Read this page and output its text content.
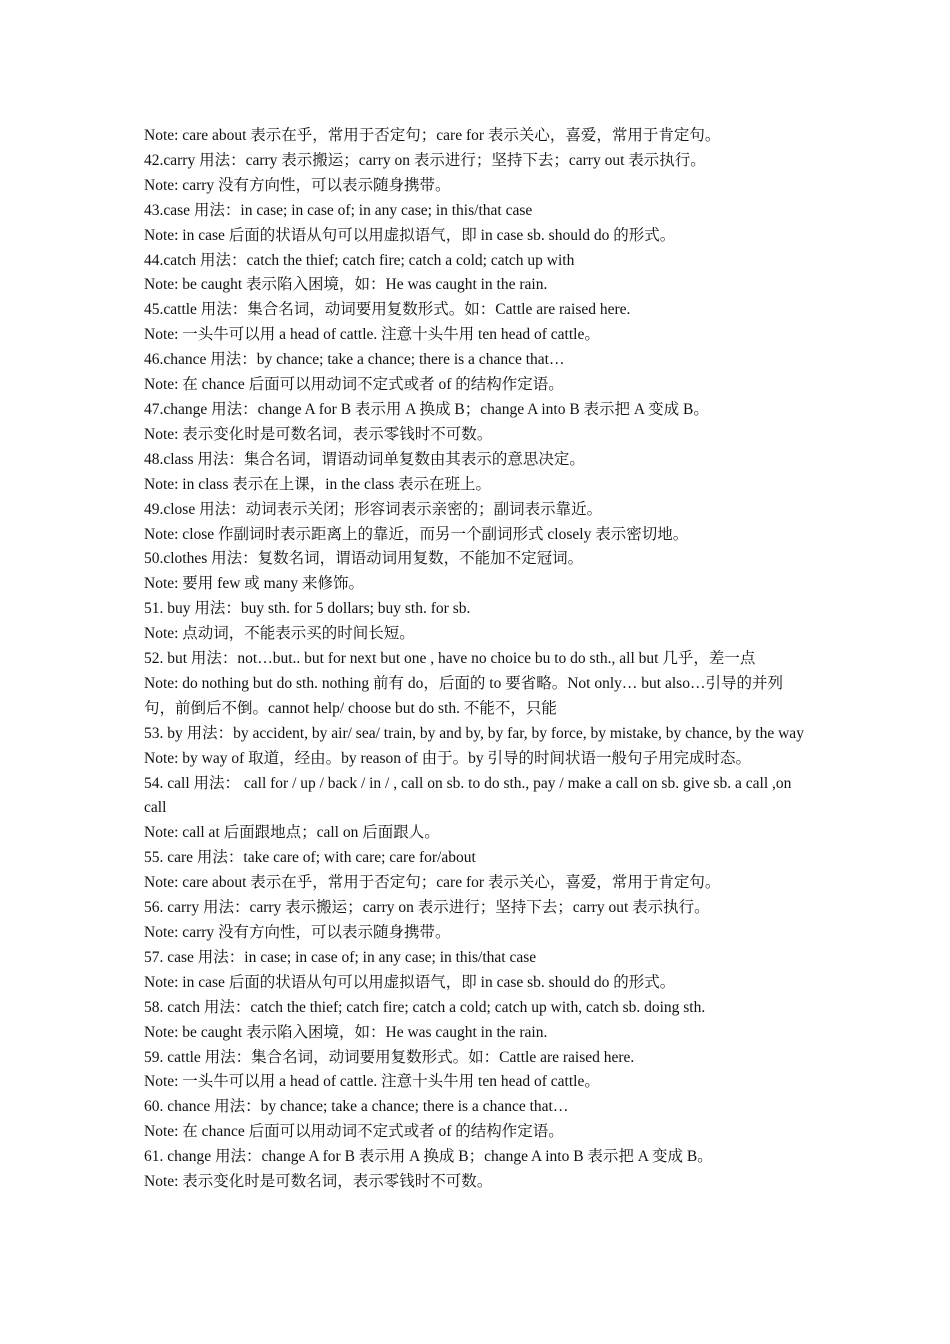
Note: care about 表示在乎，常用于否定句；care for 表示关心，喜爱，常用于肯定句。
42.carry 用法：carry 表示搬运；carry on 表示进行；坚持下去；carry out 表示执行。
Note: carry 没有方向性，可以表示随身携带。
43.case 用法：in case; in case of; in any case; in this/that case
Note: in case 后面的状语从句可以用虚拟语气，即 in case sb. should do 的形式。
44.catch 用法：catch the thief; catch fire; catch a cold; catch up with
Note: be caught 表示陷入困境，如：He was caught in the rain.
45.cattle 用法：集合名词，动词要用复数形式。如：Cattle are raised here.
Note: 一头牛可以用 a head of cattle. 注意十头牛用 ten head of cattle。
46.chance 用法：by chance; take a chance; there is a chance that…
Note: 在 chance 后面可以用动词不定式或者 of 的结构作定语。
47.change 用法：change A for B 表示用 A 换成 B；change A into B 表示把 A 变成 B。
Note: 表示变化时是可数名词，表示零钱时不可数。
48.class 用法：集合名词，谓语动词单复数由其表示的意思决定。
Note: in class 表示在上课，in the class 表示在班上。
49.close 用法：动词表示关闭；形容词表示亲密的；副词表示靠近。
Note: close 作副词时表示距离上的靠近，而另一个副词形式 closely 表示密切地。
50.clothes 用法：复数名词，谓语动词用复数，不能加不定冠词。
Note: 要用 few 或 many 来修饰。
51. buy 用法：buy sth. for 5 dollars; buy sth. for sb.
Note: 点动词，不能表示买的时间长短。
52. but 用法：not…but.. but for next but one , have no choice bu to do sth., all but 几乎，差一点
Note: do nothing but do sth. nothing 前有 do，后面的 to 要省略。Not only… but also…引导的并列句，前倒后不倒。cannot help/ choose but do sth. 不能不，只能
53. by 用法：by accident, by air/ sea/ train, by and by, by far, by force, by mistake, by chance, by the way
Note: by way of 取道，经由。by reason of 由于。by 引导的时间状语一般句子用完成时态。
54. call 用法： call for / up / back / in / , call on sb. to do sth., pay / make a call on sb. give sb. a call ,on call
Note: call at 后面跟地点；call on 后面跟人。
55. care 用法：take care of; with care; care for/about
Note: care about 表示在乎，常用于否定句；care for 表示关心，喜爱，常用于肯定句。
56. carry 用法：carry 表示搬运；carry on 表示进行；坚持下去；carry out 表示执行。
Note: carry 没有方向性，可以表示随身携带。
57. case 用法：in case; in case of; in any case; in this/that case
Note: in case 后面的状语从句可以用虚拟语气，即 in case sb. should do 的形式。
58. catch 用法：catch the thief; catch fire; catch a cold; catch up with, catch sb. doing sth.
Note: be caught 表示陷入困境，如：He was caught in the rain.
59. cattle 用法：集合名词，动词要用复数形式。如：Cattle are raised here.
Note: 一头牛可以用 a head of cattle. 注意十头牛用 ten head of cattle。
60. chance 用法：by chance; take a chance; there is a chance that…
Note: 在 chance 后面可以用动词不定式或者 of 的结构作定语。
61. change 用法：change A for B 表示用 A 换成 B；change A into B 表示把 A 变成 B。
Note: 表示变化时是可数名词，表示零钱时不可数。
